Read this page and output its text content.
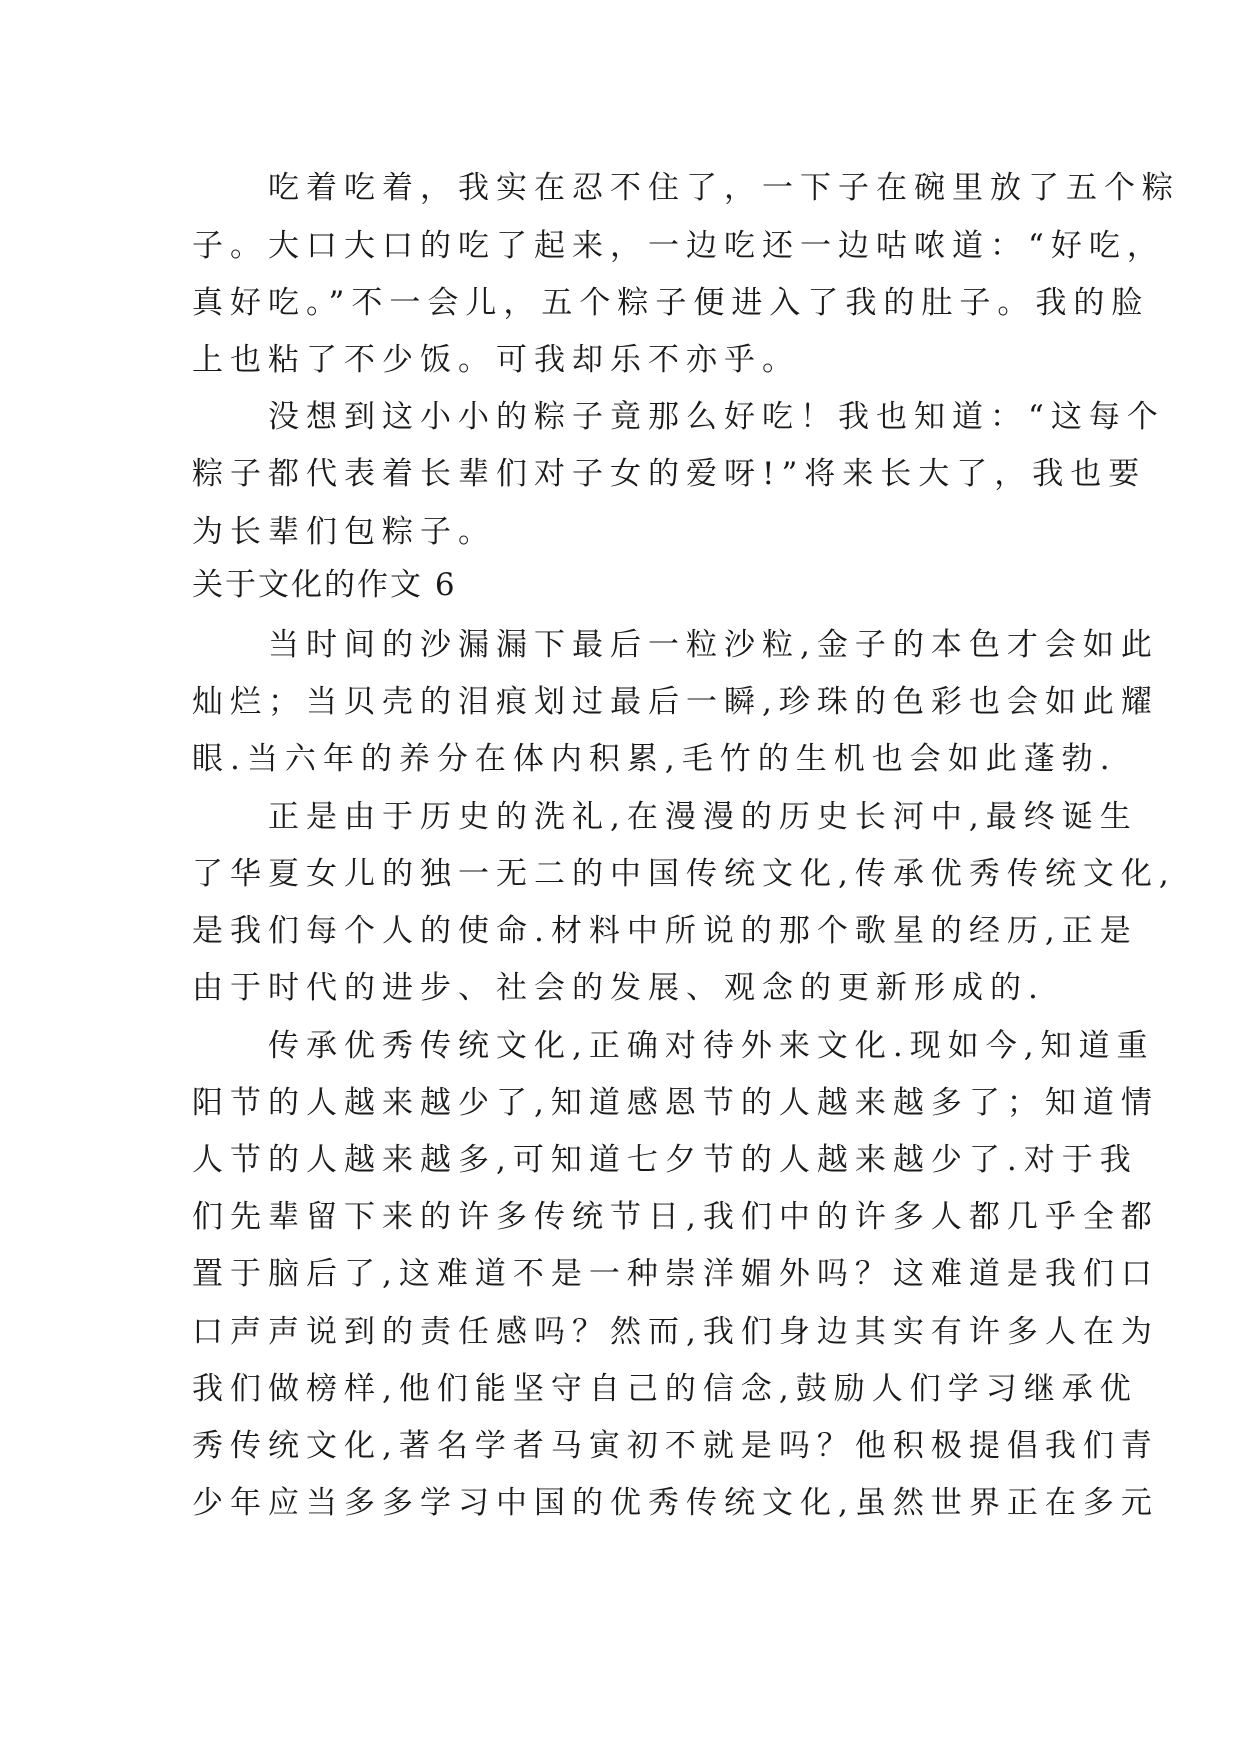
　　吃着吃着，我实在忍不住了，一下子在碗里放了五个粽
子。大口大口的吃了起来，一边吃还一边咕哝道：“好吃，
真好吃。”不一会儿，五个粽子便进入了我的肚子。我的脸
上也粘了不少饭。可我却乐不亦乎。
　　没想到这小小的粽子竟那么好吃！我也知道：“这每个
粽子都代表着长辈们对子女的爱呀!”将来长大了，我也要
为长辈们包粽子。
关于文化的作文 6
　　当时间的沙漏漏下最后一粒沙粒,金子的本色才会如此
灿烂；当贝壳的泪痕划过最后一瞬,珍珠的色彩也会如此耀
眼.当六年的养分在体内积累,毛竹的生机也会如此蓬勃.
　　正是由于历史的洗礼,在漫漫的历史长河中,最终诞生
了华夏女儿的独一无二的中国传统文化,传承优秀传统文化,
是我们每个人的使命.材料中所说的那个歌星的经历,正是
由于时代的进步、社会的发展、观念的更新形成的.
　　传承优秀传统文化,正确对待外来文化.现如今,知道重
阳节的人越来越少了,知道感恩节的人越来越多了；知道情
人节的人越来越多,可知道七夕节的人越来越少了.对于我
们先辈留下来的许多传统节日,我们中的许多人都几乎全都
置于脑后了,这难道不是一种崇洋媚外吗？这难道是我们口
口声声说到的责任感吗？然而,我们身边其实有许多人在为
我们做榜样,他们能坚守自己的信念,鼓励人们学习继承优
秀传统文化,著名学者马寅初不就是吗？他积极提倡我们青
少年应当多多学习中国的优秀传统文化,虽然世界正在多元
